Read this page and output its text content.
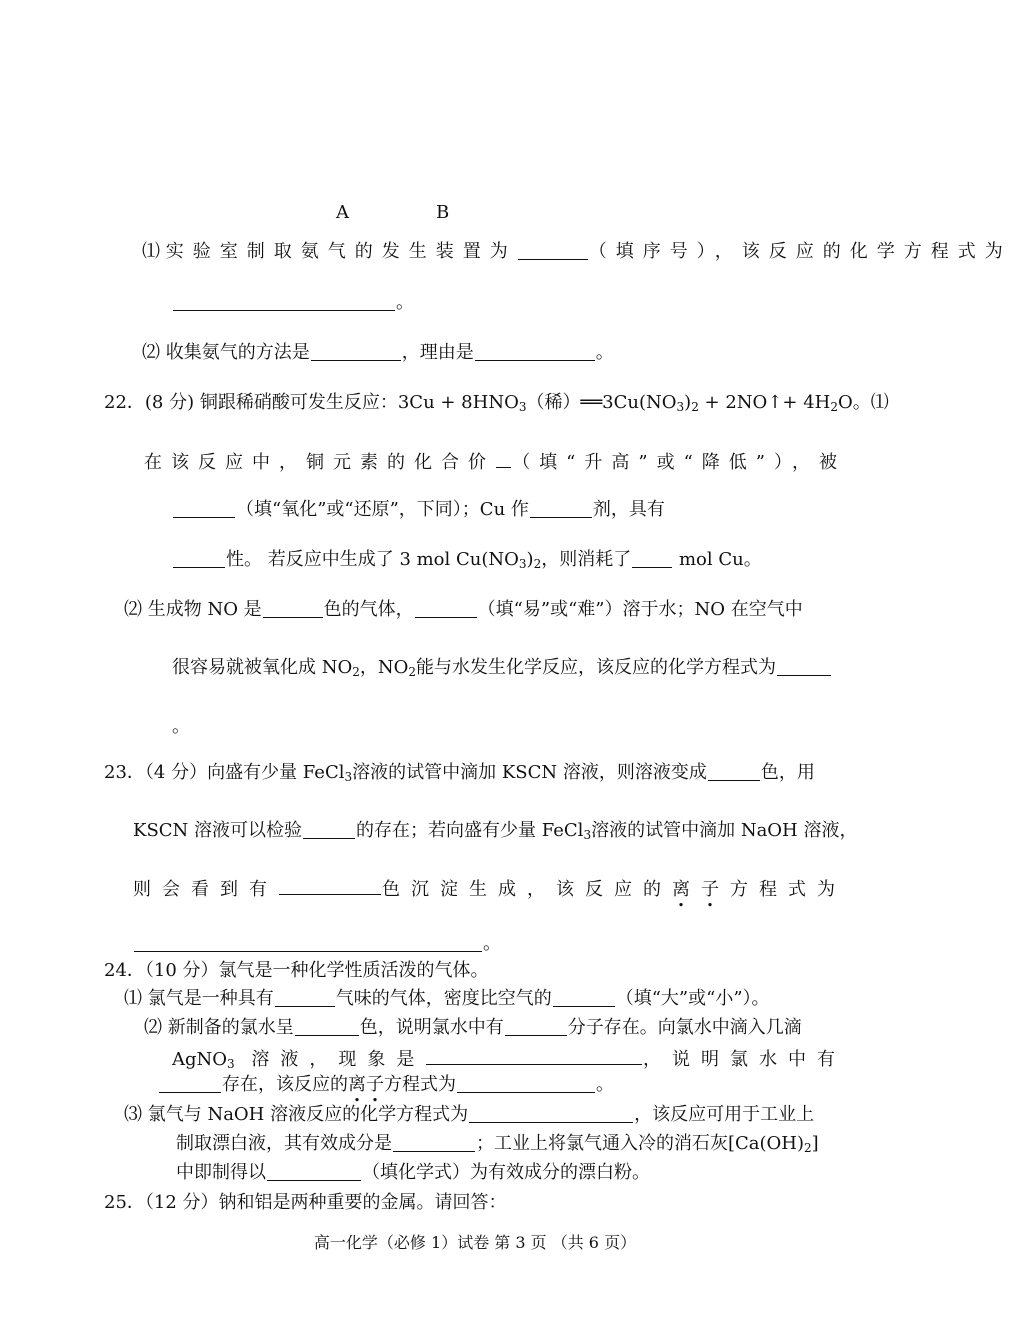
A	B
⑴ 实验室制取氨气的发生装置为	（填序号），该反应的化学方程式为
。
⑵ 收集氨气的方法是	，理由是	。
22．(8 分) 铜跟稀硝酸可发生反应：$3Cu + 8HNO_3$（稀）$══3Cu(NO_3)_2$ + 2NO↑+ $4H_2O$。⑴
在该反应中，铜元素的化合价 （填“升高”或“降低”），被
（填“氧化”或“还原”，下同）；Cu 作	剂，具有
性。 若反应中生成了 3 mol $Cu(NO_3)_2$，则消耗了 mol Cu。
⑵ 生成物 NO 是	色的气体，	（填“易”或“难”）溶于水；NO 在空气中
很容易就被氧化成 $NO_2$，$NO_2$能与水发生化学反应，该反应的化学方程式为
。
23．（4 分）向盛有少量 FeCl$_3$溶液的试管中滴加 KSCN 溶液，则溶液变成	色，用
KSCN 溶液可以检验	的存在；若向盛有少量 FeCl$_3$溶液的试管中滴加 NaOH 溶液，
则会看到有	色沉淀生成，该反应的离子方程式为
。
24．（10 分）氯气是一种化学性质活泼的气体。
⑴ 氯气是一种具有	气味的气体，密度比空气的	（填“大”或“小”）。
⑵ 新制备的氯水呈	色，说明氯水中有	分子存在。向氯水中滴入几滴
AgNO$_3$ 溶液，现象是	，说明氯水中有
存在，该反应的离子方程式为	。
⑶ 氯气与 NaOH 溶液反应的化学方程式为	，该反应可用于工业上
制取漂白液，其有效成分是	；工业上将氯气通入冷的消石灰$[Ca(OH)_2]$
中即制得以	（填化学式）为有效成分的漂白粉。
25．（12 分）钠和铝是两种重要的金属。请回答：
高一化学（必修 1）试卷 第 3 页 （共 6 页）
